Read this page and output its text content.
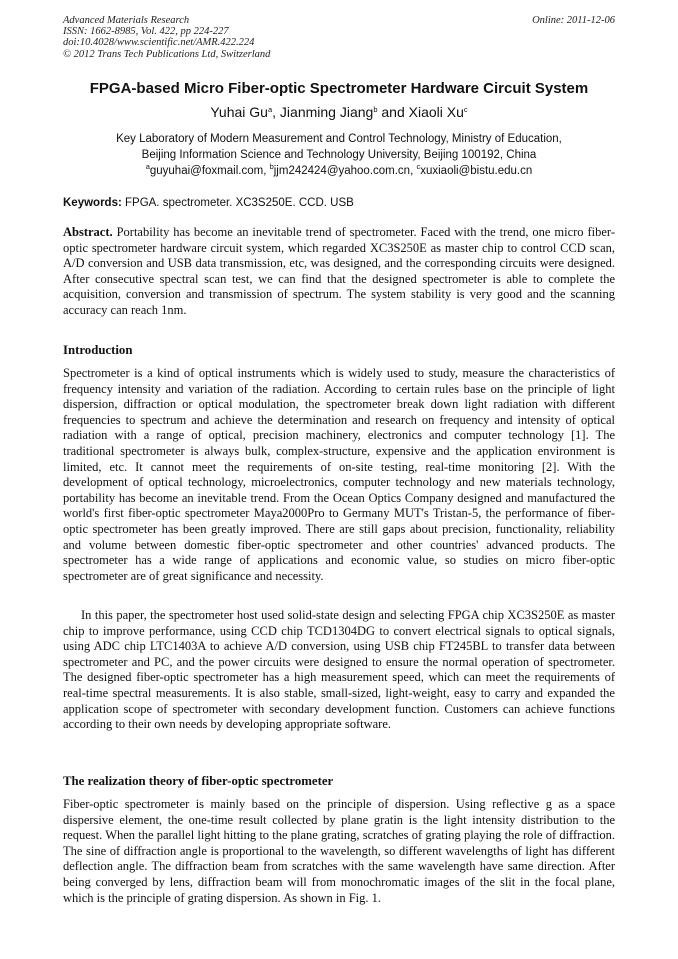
Advanced Materials Research
ISSN: 1662-8985, Vol. 422, pp 224-227
doi:10.4028/www.scientific.net/AMR.422.224
© 2012 Trans Tech Publications Ltd, Switzerland
Online: 2011-12-06
FPGA-based Micro Fiber-optic Spectrometer Hardware Circuit System
Yuhai Gu$^a$, Jianming Jiang$^b$ and Xiaoli Xu$^c$
Key Laboratory of Modern Measurement and Control Technology, Ministry of Education,
Beijing Information Science and Technology University, Beijing 100192, China
$^a$guyuhai@foxmail.com, $^b$jjm242424@yahoo.com.cn, $^c$xuxiaoli@bistu.edu.cn
Keywords: FPGA. spectrometer. XC3S250E. CCD. USB
Abstract. Portability has become an inevitable trend of spectrometer. Faced with the trend, one micro fiber-optic spectrometer hardware circuit system, which regarded XC3S250E as master chip to control CCD scan, A/D conversion and USB data transmission, etc, was designed, and the corresponding circuits were designed. After consecutive spectral scan test, we can find that the designed spectrometer is able to complete the acquisition, conversion and transmission of spectrum. The system stability is very good and the scanning accuracy can reach 1nm.
Introduction
Spectrometer is a kind of optical instruments which is widely used to study, measure the characteristics of frequency intensity and variation of the radiation. According to certain rules base on the principle of light dispersion, diffraction or optical modulation, the spectrometer break down light radiation with different frequencies to spectrum and achieve the determination and research on frequency and intensity of optical radiation with a range of optical, precision machinery, electronics and computer technology [1]. The traditional spectrometer is always bulk, complex-structure, expensive and the application environment is limited, etc. It cannot meet the requirements of on-site testing, real-time monitoring [2]. With the development of optical technology, microelectronics, computer technology and new materials technology, portability has become an inevitable trend. From the Ocean Optics Company designed and manufactured the world's first fiber-optic spectrometer Maya2000Pro to Germany MUT's Tristan-5, the performance of fiber-optic spectrometer has been greatly improved. There are still gaps about precision, functionality, reliability and volume between domestic fiber-optic spectrometer and other countries' advanced products. The spectrometer has a wide range of applications and economic value, so studies on micro fiber-optic spectrometer are of great significance and necessity.
In this paper, the spectrometer host used solid-state design and selecting FPGA chip XC3S250E as master chip to improve performance, using CCD chip TCD1304DG to convert electrical signals to optical signals, using ADC chip LTC1403A to achieve A/D conversion, using USB chip FT245BL to transfer data between spectrometer and PC, and the power circuits were designed to ensure the normal operation of spectrometer. The designed fiber-optic spectrometer has a high measurement speed, which can meet the requirements of real-time spectral measurements. It is also stable, small-sized, light-weight, easy to carry and expanded the application scope of spectrometer with secondary development function. Customers can achieve functions according to their own needs by developing appropriate software.
The realization theory of fiber-optic spectrometer
Fiber-optic spectrometer is mainly based on the principle of dispersion. Using reflective g as a space dispersive element, the one-time result collected by plane gratin is the light intensity distribution to the request. When the parallel light hitting to the plane grating, scratches of grating playing the role of diffraction. The sine of diffraction angle is proportional to the wavelength, so different wavelengths of light has different deflection angle. The diffraction beam from scratches with the same wavelength have same direction. After being converged by lens, diffraction beam will from monochromatic images of the slit in the focal plane, which is the principle of grating dispersion. As shown in Fig. 1.
